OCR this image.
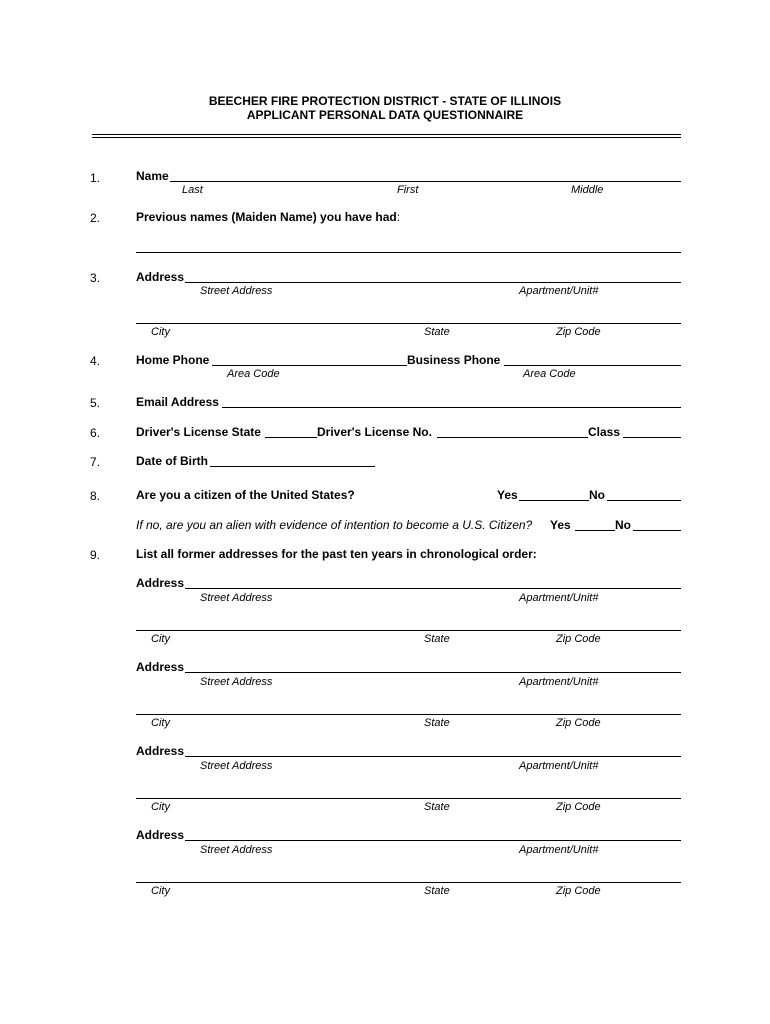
BEECHER FIRE PROTECTION DISTRICT - STATE OF ILLINOIS
APPLICANT PERSONAL DATA QUESTIONNAIRE
1.	Name
Last	First	Middle
2.	Previous names (Maiden Name) you have had:
3.	Address
Street Address	Apartment/Unit#
City	State	Zip Code
4.	Home Phone
Area Code
Business Phone
Area Code
5.	Email Address
6.	Driver's License State	Driver's License No.	Class
7.	Date of Birth
8.	Are you a citizen of the United States?	Yes	No
If no, are you an alien with evidence of intention to become a U.S. Citizen? Yes	No
9.	List all former addresses for the past ten years in chronological order:
Address
Street Address	Apartment/Unit#
City	State	Zip Code
Address
Street Address	Apartment/Unit#
City	State	Zip Code
Address
Street Address	Apartment/Unit#
City	State	Zip Code
Address
Street Address	Apartment/Unit#
City	State	Zip Code
